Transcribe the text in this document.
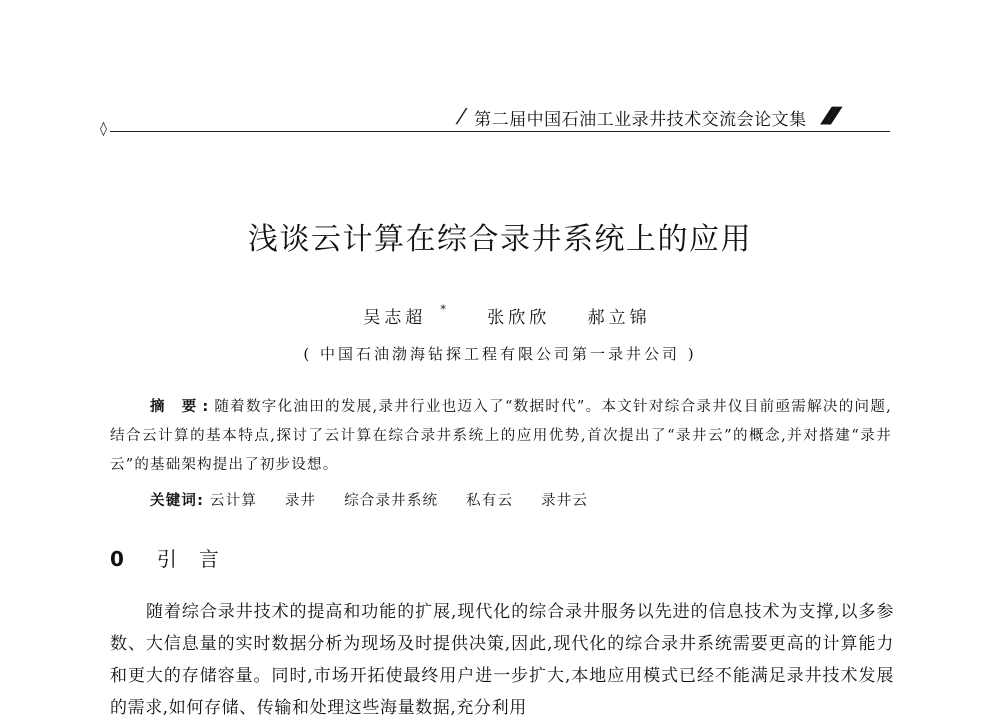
◊	/ 第二届中国石油工业录井技术交流会论文集 ////
浅谈云计算在综合录井系统上的应用
吴志超 * 张欣欣 郝立锦
( 中国石油渤海钻探工程有限公司第一录井公司 )
摘 要:随着数字化油田的发展,录井行业也迈入了“数据时代”。本文针对综合录井仪目前亟需解决的问题,结合云计算的基本特点,探讨了云计算在综合录井系统上的应用优势,首次提出了“录井云”的概念,并对搭建“录井云”的基础架构提出了初步设想。
关键词: 云计算 录井 综合录井系统 私有云 录井云
0 引言

随着综合录井技术的提高和功能的扩展,现代化的综合录井服务以先进的信息技术为支撑,以多参数、大信息量的实时数据分析为现场及时提供决策,因此,现代化的综合录井系统需要更高的计算能力和更大的存储容量。同时,市场开拓使最终用户进一步扩大,本地应用模式已经不能满足录井技术发展的需求,如何存储、传输和处理这些海量数据,充分利用
